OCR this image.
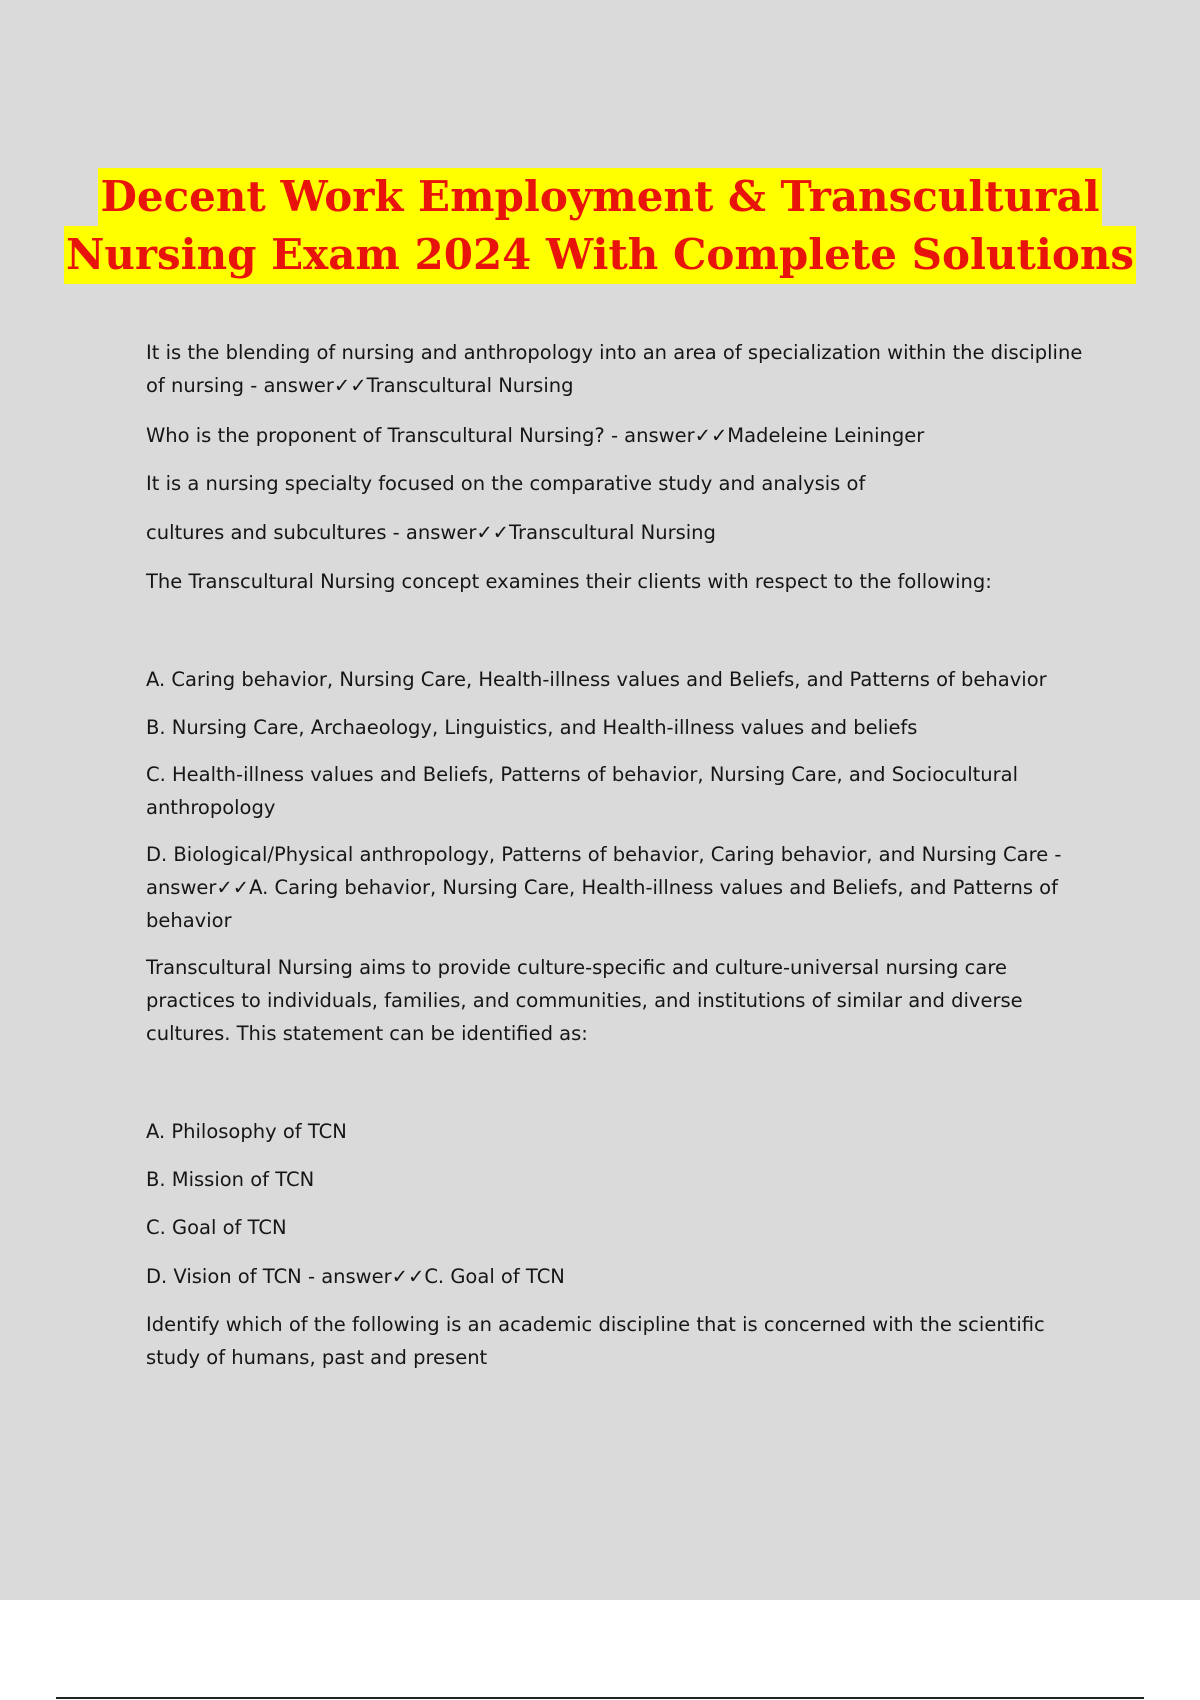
Decent Work Employment & Transcultural
Nursing Exam 2024 With Complete Solutions

It is the blending of nursing and anthropology into an area of specialization within the discipline of nursing - answer✓✓Transcultural Nursing

Who is the proponent of Transcultural Nursing? - answer✓✓Madeleine Leininger

It is a nursing specialty focused on the comparative study and analysis of

cultures and subcultures - answer✓✓Transcultural Nursing

The Transcultural Nursing concept examines their clients with respect to the following:

A. Caring behavior, Nursing Care, Health-illness values and Beliefs, and Patterns of behavior

B. Nursing Care, Archaeology, Linguistics, and Health-illness values and beliefs

C. Health-illness values and Beliefs, Patterns of behavior, Nursing Care, and Sociocultural anthropology

D. Biological/Physical anthropology, Patterns of behavior, Caring behavior, and Nursing Care - answer✓✓A. Caring behavior, Nursing Care, Health-illness values and Beliefs, and Patterns of behavior

Transcultural Nursing aims to provide culture-specific and culture-universal nursing care practices to individuals, families, and communities, and institutions of similar and diverse cultures. This statement can be identified as:

A. Philosophy of TCN

B. Mission of TCN

C. Goal of TCN

D. Vision of TCN - answer✓✓C. Goal of TCN

Identify which of the following is an academic discipline that is concerned with the scientific study of humans, past and present
